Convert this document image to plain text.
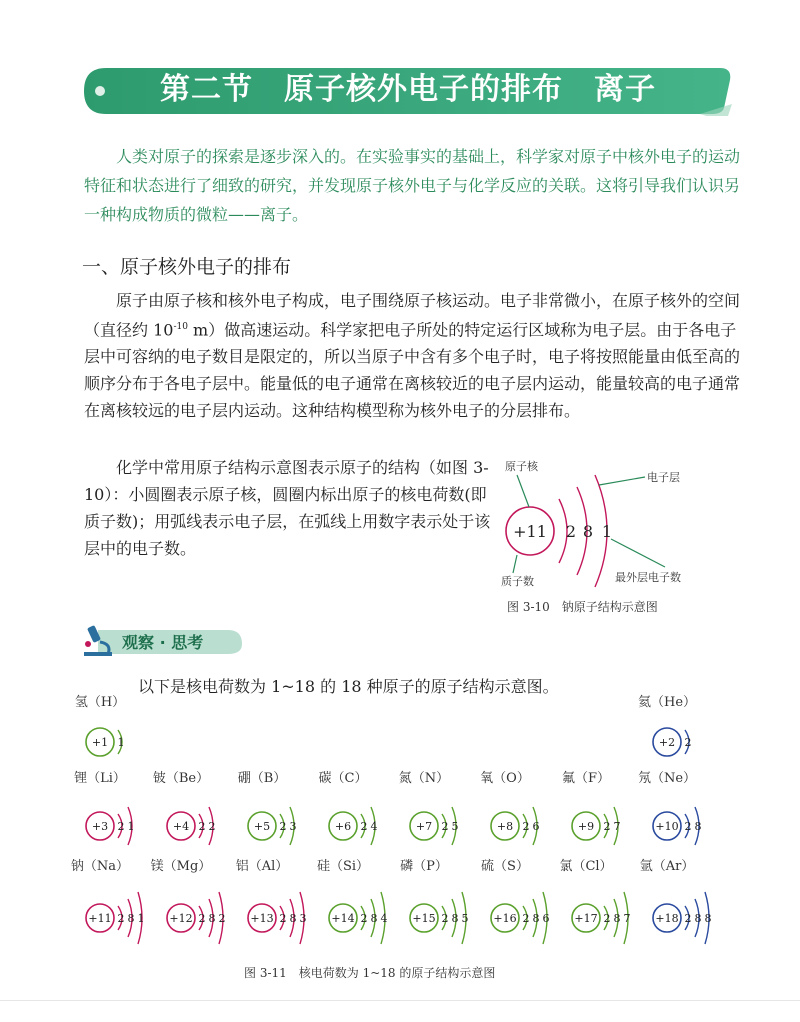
第二节　原子核外电子的排布　离子
人类对原子的探索是逐步深入的。在实验事实的基础上，科学家对原子中核外电子的运动特征和状态进行了细致的研究，并发现原子核外电子与化学反应的关联。这将引导我们认识另一种构成物质的微粒——离子。
一、原子核外电子的排布
原子由原子核和核外电子构成，电子围绕原子核运动。电子非常微小，在原子核外的空间（直径约 $10^{-10}$ m）做高速运动。科学家把电子所处的特定运行区域称为电子层。由于各电子层中可容纳的电子数目是限定的，所以当原子中含有多个电子时，电子将按照能量由低至高的顺序分布于各电子层中。能量低的电子通常在离核较近的电子层内运动，能量较高的电子通常在离核较远的电子层内运动。这种结构模型称为核外电子的分层排布。
化学中常用原子结构示意图表示原子的结构（如图 3-10）：小圆圈表示原子核，圆圈内标出原子的核电荷数(即质子数)；用弧线表示电子层，在弧线上用数字表示处于该层中的电子数。
+11 2 8 1
原子核
电子层
质子数	最外层电子数
图 3-10　钠原子结构示意图
观察 · 思考
以下是核电荷数为 1~18 的 18 种原子的原子结构示意图。
氢（H）
+1 1
氦（He）
+2 2
锂（Li）
+3 2 1
铍（Be）
+4 2 2
硼（B）
+5 2 3
碳（C）
+6 2 4
氮（N）
+7 2 5
氧（O）
+8 2 6
氟（F）
+9 2 7
氖（Ne）
+10 2 8
钠（Na）
+11 2 8 1
镁（Mg）
+12 2 8 2
铝（Al）
+13 2 8 3
硅（Si）
+14 2 8 4
磷（P）
+15 2 8 5
硫（S）
+16 2 8 6
氯（Cl）
+17 2 8 7
氩（Ar）
+18 2 8 8
图 3-11　核电荷数为 1~18 的原子结构示意图
